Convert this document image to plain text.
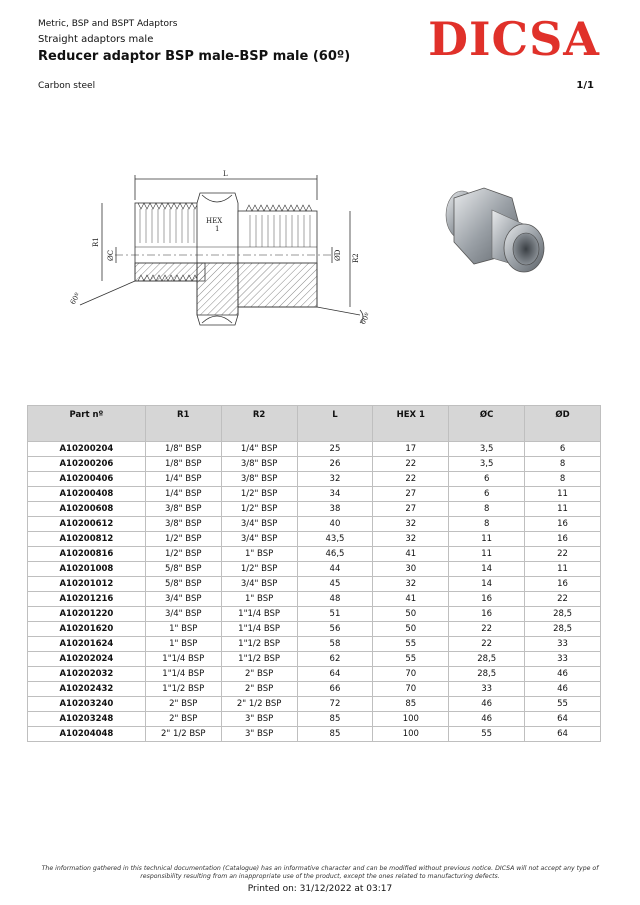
Metric, BSP and BSPT Adaptors
Straight adaptors male
Reducer adaptor BSP male-BSP male (60º)
Carbon steel	1/1
DICSA
L
HEX
1
R1
ØC	ØD R2
60º
60º
Part nº	R1	R2	L	HEX 1	ØC	ØD
A10200204	1/8" BSP	1/4" BSP	25	17	3,5	6
A10200206	1/8" BSP	3/8" BSP	26	22	3,5	8
A10200406	1/4" BSP	3/8" BSP	32	22	6	8
A10200408	1/4" BSP	1/2" BSP	34	27	6	11
A10200608	3/8" BSP	1/2" BSP	38	27	8	11
A10200612	3/8" BSP	3/4" BSP	40	32	8	16
A10200812	1/2" BSP	3/4" BSP	43,5	32	11	16
A10200816	1/2" BSP	1" BSP	46,5	41	11	22
A10201008	5/8" BSP	1/2" BSP	44	30	14	11
A10201012	5/8" BSP	3/4" BSP	45	32	14	16
A10201216	3/4" BSP	1" BSP	48	41	16	22
A10201220	3/4" BSP	1"1/4 BSP	51	50	16	28,5
A10201620	1" BSP	1"1/4 BSP	56	50	22	28,5
A10201624	1" BSP	1"1/2 BSP	58	55	22	33
A10202024	1"1/4 BSP	1"1/2 BSP	62	55	28,5	33
A10202032	1"1/4 BSP	2" BSP	64	70	28,5	46
A10202432	1"1/2 BSP	2" BSP	66	70	33	46
A10203240	2" BSP	2" 1/2 BSP	72	85	46	55
A10203248	2" BSP	3" BSP	85	100	46	64
A10204048	2" 1/2 BSP	3" BSP	85	100	55	64
The information gathered in this technical documentation (Catalogue) has an informative character and can be modified without previous notice. DICSA will not accept any type of responsibility resulting from an inappropriate use of the product, except the ones related to manufacturing defects.
Printed on: 31/12/2022 at 03:17
